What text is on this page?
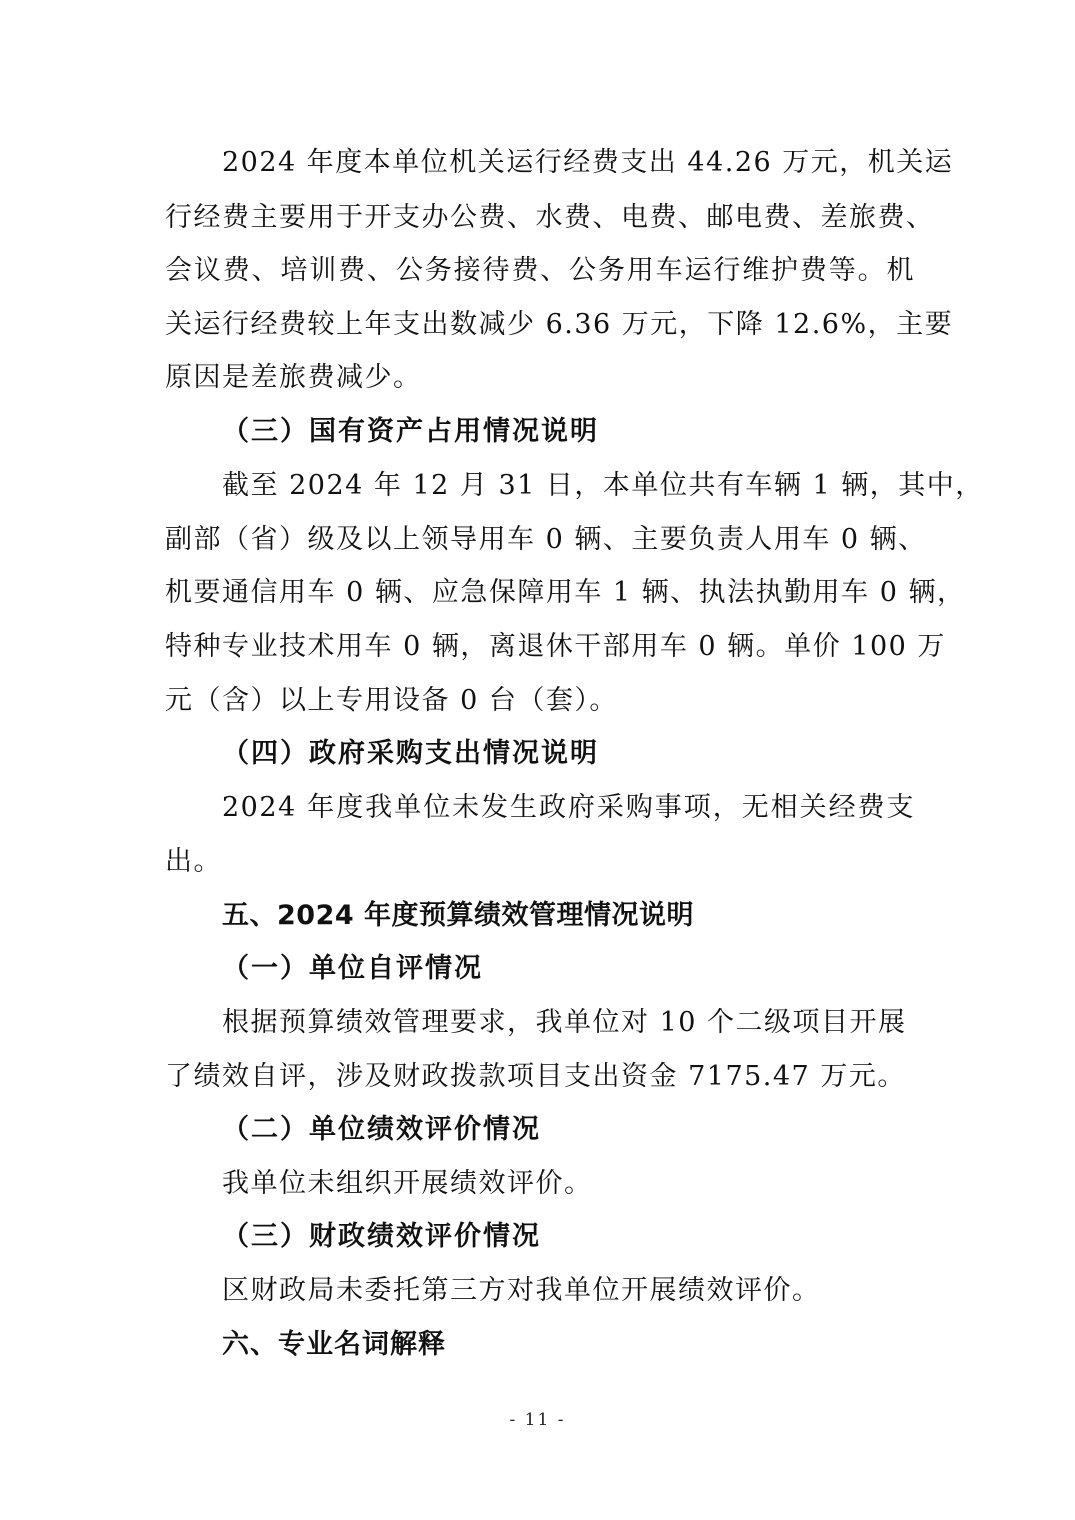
2024 年度本单位机关运行经费支出 44.26 万元，机关运
行经费主要用于开支办公费、水费、电费、邮电费、差旅费、
会议费、培训费、公务接待费、公务用车运行维护费等。机
关运行经费较上年支出数减少 6.36 万元，下降 12.6%，主要
原因是差旅费减少。
（三）国有资产占用情况说明
截至 2024 年 12 月 31 日，本单位共有车辆 1 辆，其中，
副部（省）级及以上领导用车 0 辆、主要负责人用车 0 辆、
机要通信用车 0 辆、应急保障用车 1 辆、执法执勤用车 0 辆，
特种专业技术用车 0 辆，离退休干部用车 0 辆。单价 100 万
元（含）以上专用设备 0 台（套）。
（四）政府采购支出情况说明
2024 年度我单位未发生政府采购事项，无相关经费支
出。
五、2024 年度预算绩效管理情况说明
（一）单位自评情况
根据预算绩效管理要求，我单位对 10 个二级项目开展
了绩效自评，涉及财政拨款项目支出资金 7175.47 万元。
（二）单位绩效评价情况
我单位未组织开展绩效评价。
（三）财政绩效评价情况
区财政局未委托第三方对我单位开展绩效评价。
六、专业名词解释
- 11 -
